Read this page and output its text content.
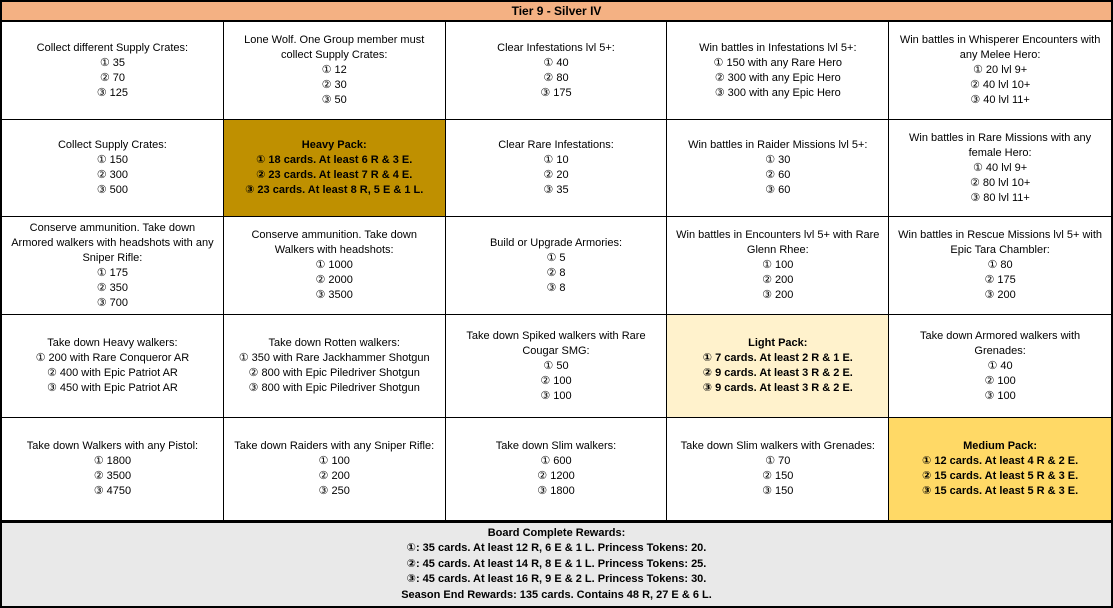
Tier 9 - Silver IV
Collect different Supply Crates:
① 35
② 70
③ 125
Lone Wolf. One Group member must collect Supply Crates:
① 12
② 30
③ 50
Clear Infestations lvl 5+:
① 40
② 80
③ 175
Win battles in Infestations lvl 5+:
① 150 with any Rare Hero
② 300 with any Epic Hero
③ 300 with any Epic Hero
Win battles in Whisperer Encounters with any Melee Hero:
① 20 lvl 9+
② 40 lvl 10+
③ 40 lvl 11+
Collect Supply Crates:
① 150
② 300
③ 500
Heavy Pack:
① 18 cards. At least 6 R & 3 E.
② 23 cards. At least 7 R & 4 E.
③ 23 cards. At least 8 R, 5 E & 1 L.
Clear Rare Infestations:
① 10
② 20
③ 35
Win battles in Raider Missions lvl 5+:
① 30
② 60
③ 60
Win battles in Rare Missions with any female Hero:
① 40 lvl 9+
② 80 lvl 10+
③ 80 lvl 11+
Conserve ammunition. Take down Armored walkers with headshots with any Sniper Rifle:
① 175
② 350
③ 700
Conserve ammunition. Take down Walkers with headshots:
① 1000
② 2000
③ 3500
Build or Upgrade Armories:
① 5
② 8
③ 8
Win battles in Encounters lvl 5+ with Rare Glenn Rhee:
① 100
② 200
③ 200
Win battles in Rescue Missions lvl 5+ with Epic Tara Chambler:
① 80
② 175
③ 200
Take down Heavy walkers:
① 200 with Rare Conqueror AR
② 400 with Epic Patriot AR
③ 450 with Epic Patriot AR
Take down Rotten walkers:
① 350 with Rare Jackhammer Shotgun
② 800 with Epic Piledriver Shotgun
③ 800 with Epic Piledriver Shotgun
Take down Spiked walkers with Rare Cougar SMG:
① 50
② 100
③ 100
Light Pack:
① 7 cards. At least 2 R & 1 E.
② 9 cards. At least 3 R & 2 E.
③ 9 cards. At least 3 R & 2 E.
Take down Armored walkers with Grenades:
① 40
② 100
③ 100
Take down Walkers with any Pistol:
① 1800
② 3500
③ 4750
Take down Raiders with any Sniper Rifle:
① 100
② 200
③ 250
Take down Slim walkers:
① 600
② 1200
③ 1800
Take down Slim walkers with Grenades:
① 70
② 150
③ 150
Medium Pack:
① 12 cards. At least 4 R & 2 E.
② 15 cards. At least 5 R & 3 E.
③ 15 cards. At least 5 R & 3 E.
Board Complete Rewards:
①: 35 cards. At least 12 R, 6 E & 1 L. Princess Tokens: 20.
②: 45 cards. At least 14 R, 8 E & 1 L. Princess Tokens: 25.
③: 45 cards. At least 16 R, 9 E & 2 L. Princess Tokens: 30.
Season End Rewards: 135 cards. Contains 48 R, 27 E & 6 L.
